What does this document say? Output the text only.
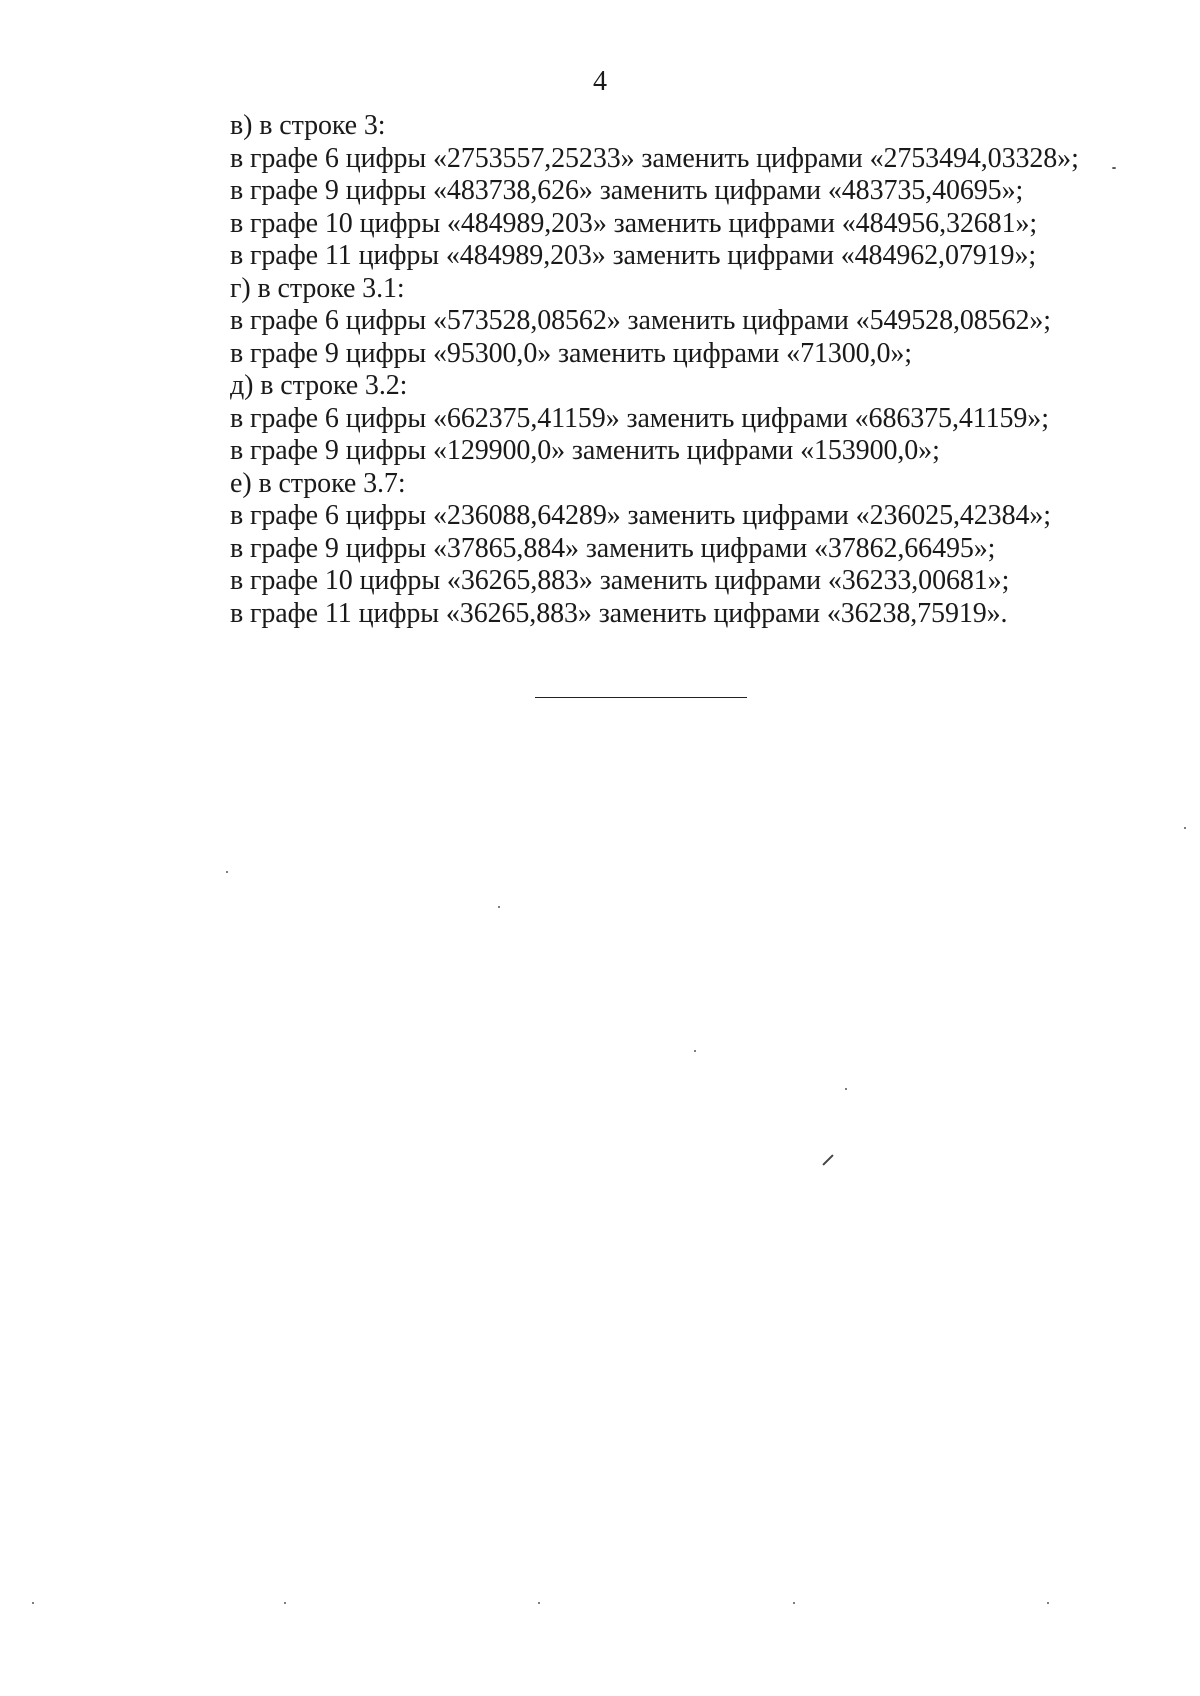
4
в) в строке 3:
в графе 6 цифры «2753557,25233» заменить цифрами «2753494,03328»;
в графе 9 цифры «483738,626» заменить цифрами «483735,40695»;
в графе 10 цифры «484989,203» заменить цифрами «484956,32681»;
в графе 11 цифры «484989,203» заменить цифрами «484962,07919»;
г) в строке 3.1:
в графе 6 цифры «573528,08562» заменить цифрами «549528,08562»;
в графе 9 цифры «95300,0» заменить цифрами «71300,0»;
д) в строке 3.2:
в графе 6 цифры «662375,41159» заменить цифрами «686375,41159»;
в графе 9 цифры «129900,0» заменить цифрами «153900,0»;
е) в строке 3.7:
в графе 6 цифры «236088,64289» заменить цифрами «236025,42384»;
в графе 9 цифры «37865,884» заменить цифрами «37862,66495»;
в графе 10 цифры «36265,883» заменить цифрами «36233,00681»;
в графе 11 цифры «36265,883» заменить цифрами «36238,75919».
